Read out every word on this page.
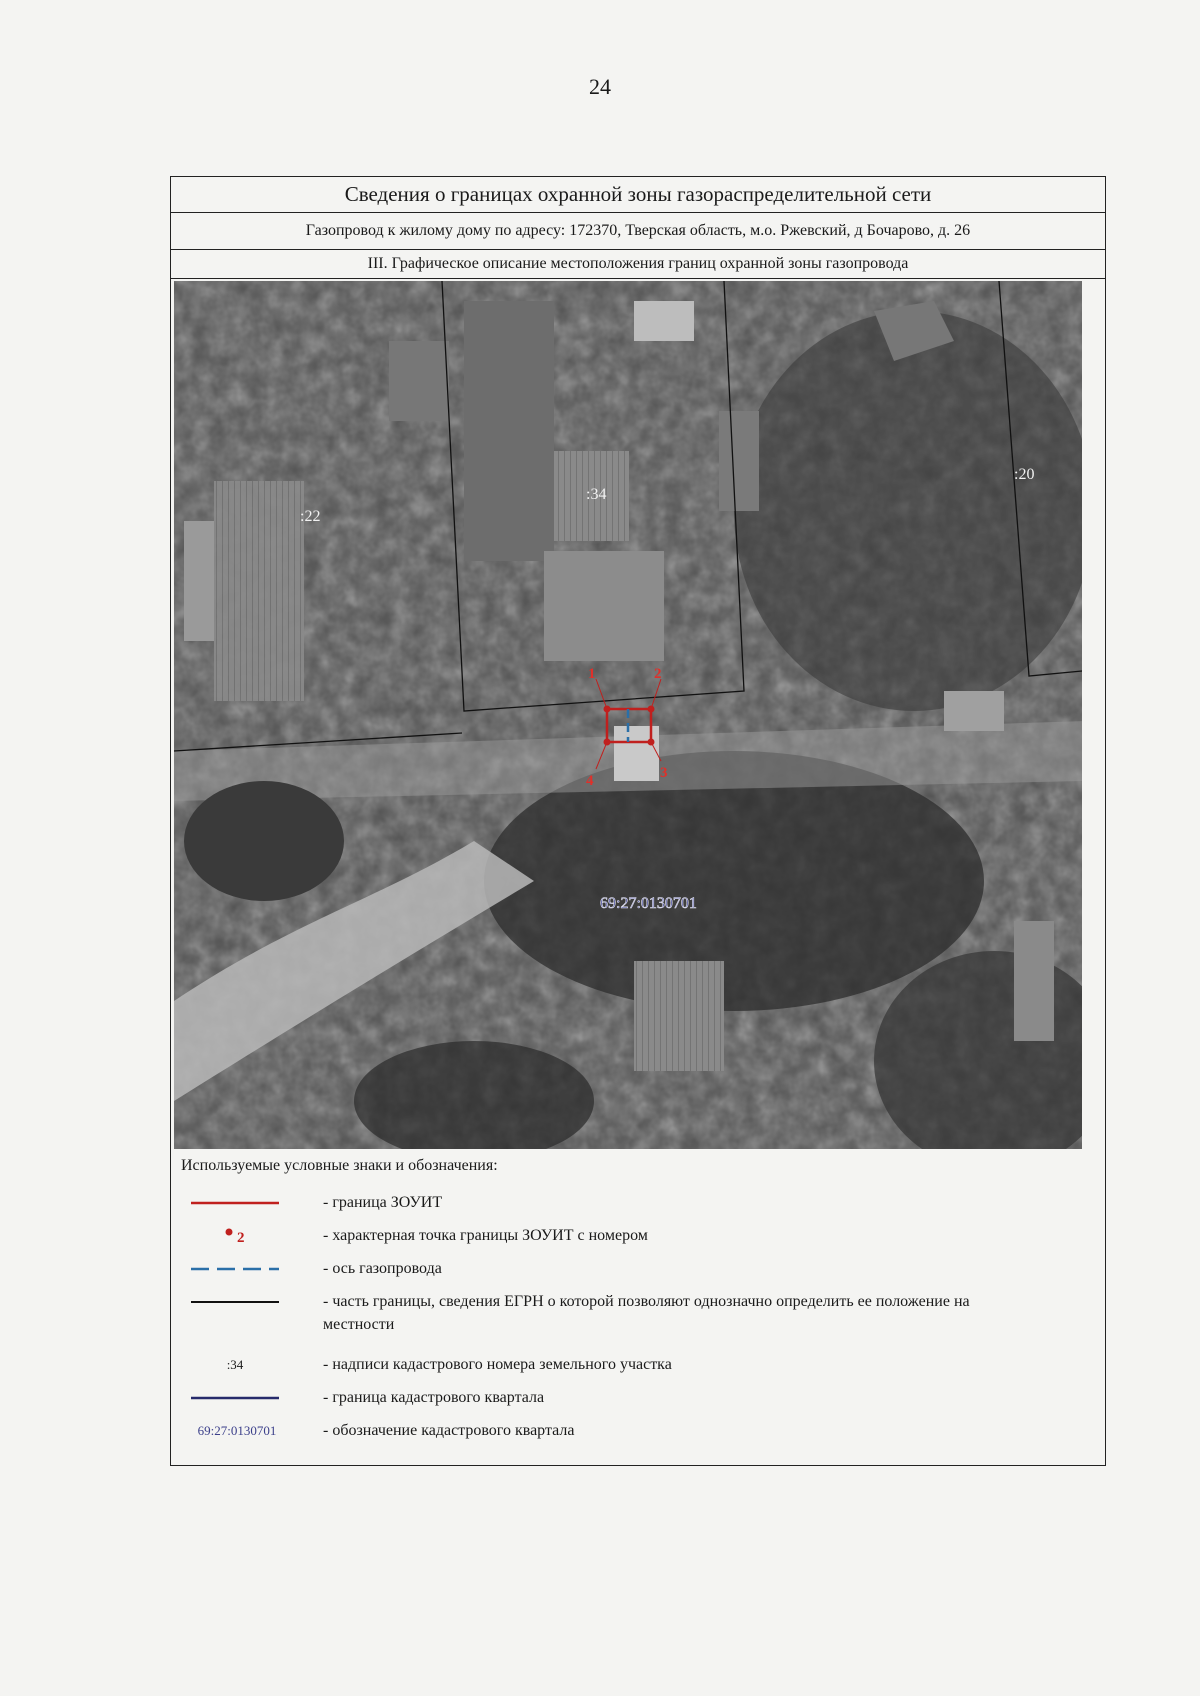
24
Сведения о границах охранной зоны газораспределительной сети
Газопровод к жилому дому по адресу: 172370, Тверская область, м.о. Ржевский, д Бочарово, д. 26
III. Графическое описание местоположения границ охранной зоны газопровода
1	2
3
4
:22
:34
:20
69:27:0130701
Используемые условные знаки и обозначения:
- граница ЗОУИТ
2	- характерная точка границы ЗОУИТ с номером
- ось газопровода
- часть границы, сведения ЕГРН о которой позволяют однозначно определить ее положение на местности
:34	- надписи кадастрового номера земельного участка
- граница кадастрового квартала
69:27:0130701	- обозначение кадастрового квартала
